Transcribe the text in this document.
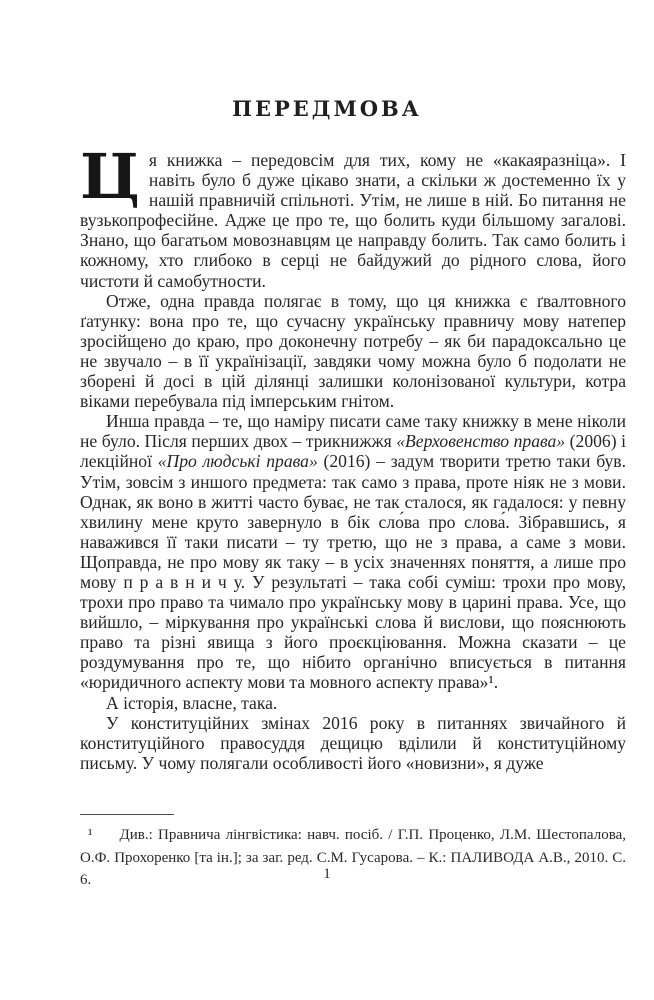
ПЕРЕДМОВА

Ця книжка – передовсім для тих, кому не «какаяразніца». І навіть було б дуже цікаво знати, а скільки ж достеменно їх у нашій правничій спільноті. Утім, не лише в ній. Бо питання не вузькопрофесійне. Адже це про те, що болить куди більшому загалові. Знано, що багатьом мовознавцям це направду болить. Так само болить і кожному, хто глибоко в серці не байдужий до рідного слова, його чистоти й самобутности.

Отже, одна правда полягає в тому, що ця книжка є ґвалтовного ґатунку: вона про те, що сучасну українську правничу мову натепер зросійщено до краю, про доконечну потребу – як би парадоксально це не звучало – в її українізації, завдяки чому можна було б подолати не зборені й досі в цій ділянці залишки колонізованої культури, котра віками перебувала під імперським гнітом.

Инша правда – те, що наміру писати саме таку книжку в мене ніколи не було. Після перших двох – трикнижжя «Верховенство права» (2006) і лекційної «Про людські права» (2016) – задум творити третю таки був. Утім, зовсім з иншого предмета: так само з права, проте ніяк не з мови. Однак, як воно в житті часто буває, не так сталося, як гадалося: у певну хвилину мене круто завернуло в бік сло́ва про слова́. Зібравшись, я наважився її таки писати – ту третю, що не з права, а саме з мови. Щоправда, не про мову як таку – в усіх значеннях поняття, а лише про мову п р а в н и ч у. У результаті – така собі суміш: трохи про мову, трохи про право та чимало про українську мову в царині права. Усе, що вийшло, – міркування про українські слова й вислови, що пояснюють право та різні явища з його проєкціювання. Можна сказати – це роздумування про те, що нібито органічно вписується в питання «юридичного аспекту мови та мовного аспекту права»¹.

А історія, власне, така.

У конституційних змінах 2016 року в питаннях звичайного й конституційного правосуддя дещицю вділили й конституційному письму. У чому полягали особливості його «новизни», я дуже

¹ Див.: Правнича лінгвістика: навч. посіб. / Г.П. Проценко, Л.М. Шестопалова, О.Ф. Прохоренко [та ін.]; за заг. ред. С.М. Гусарова. – К.: ПАЛИВОДА А.В., 2010. С. 6.	1
